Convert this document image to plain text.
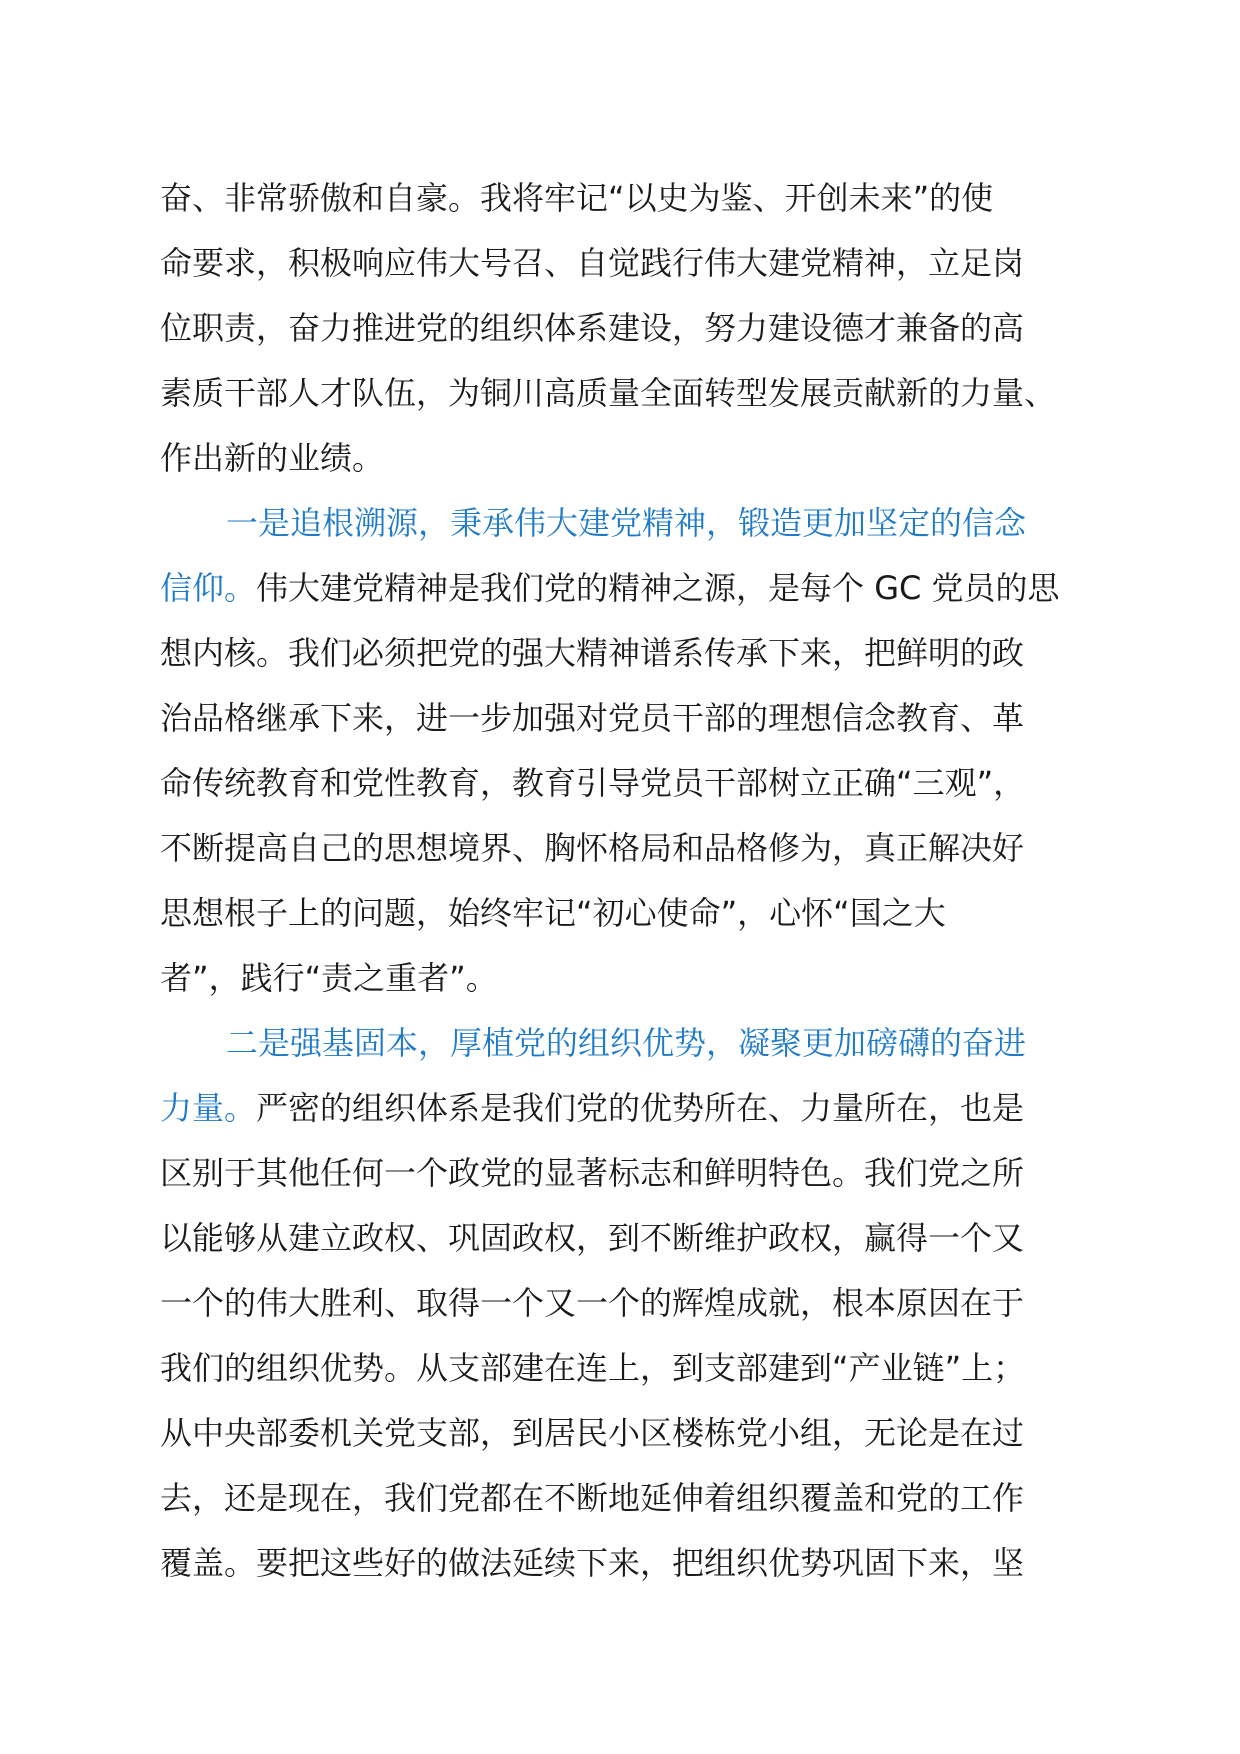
奋、非常骄傲和自豪。我将牢记“以史为鉴、开创未来”的使
命要求，积极响应伟大号召、自觉践行伟大建党精神，立足岗
位职责，奋力推进党的组织体系建设，努力建设德才兼备的高
素质干部人才队伍，为铜川高质量全面转型发展贡献新的力量、
作出新的业绩。
一是追根溯源，秉承伟大建党精神，锻造更加坚定的信念
信仰。伟大建党精神是我们党的精神之源，是每个 GC 党员的思
想内核。我们必须把党的强大精神谱系传承下来，把鲜明的政
治品格继承下来，进一步加强对党员干部的理想信念教育、革
命传统教育和党性教育，教育引导党员干部树立正确“三观”，
不断提高自己的思想境界、胸怀格局和品格修为，真正解决好
思想根子上的问题，始终牢记“初心使命”，心怀“国之大
者”，践行“责之重者”。
二是强基固本，厚植党的组织优势，凝聚更加磅礴的奋进
力量。严密的组织体系是我们党的优势所在、力量所在，也是
区别于其他任何一个政党的显著标志和鲜明特色。我们党之所
以能够从建立政权、巩固政权，到不断维护政权，赢得一个又
一个的伟大胜利、取得一个又一个的辉煌成就，根本原因在于
我们的组织优势。从支部建在连上，到支部建到“产业链”上；
从中央部委机关党支部，到居民小区楼栋党小组，无论是在过
去，还是现在，我们党都在不断地延伸着组织覆盖和党的工作
覆盖。要把这些好的做法延续下来，把组织优势巩固下来，坚
